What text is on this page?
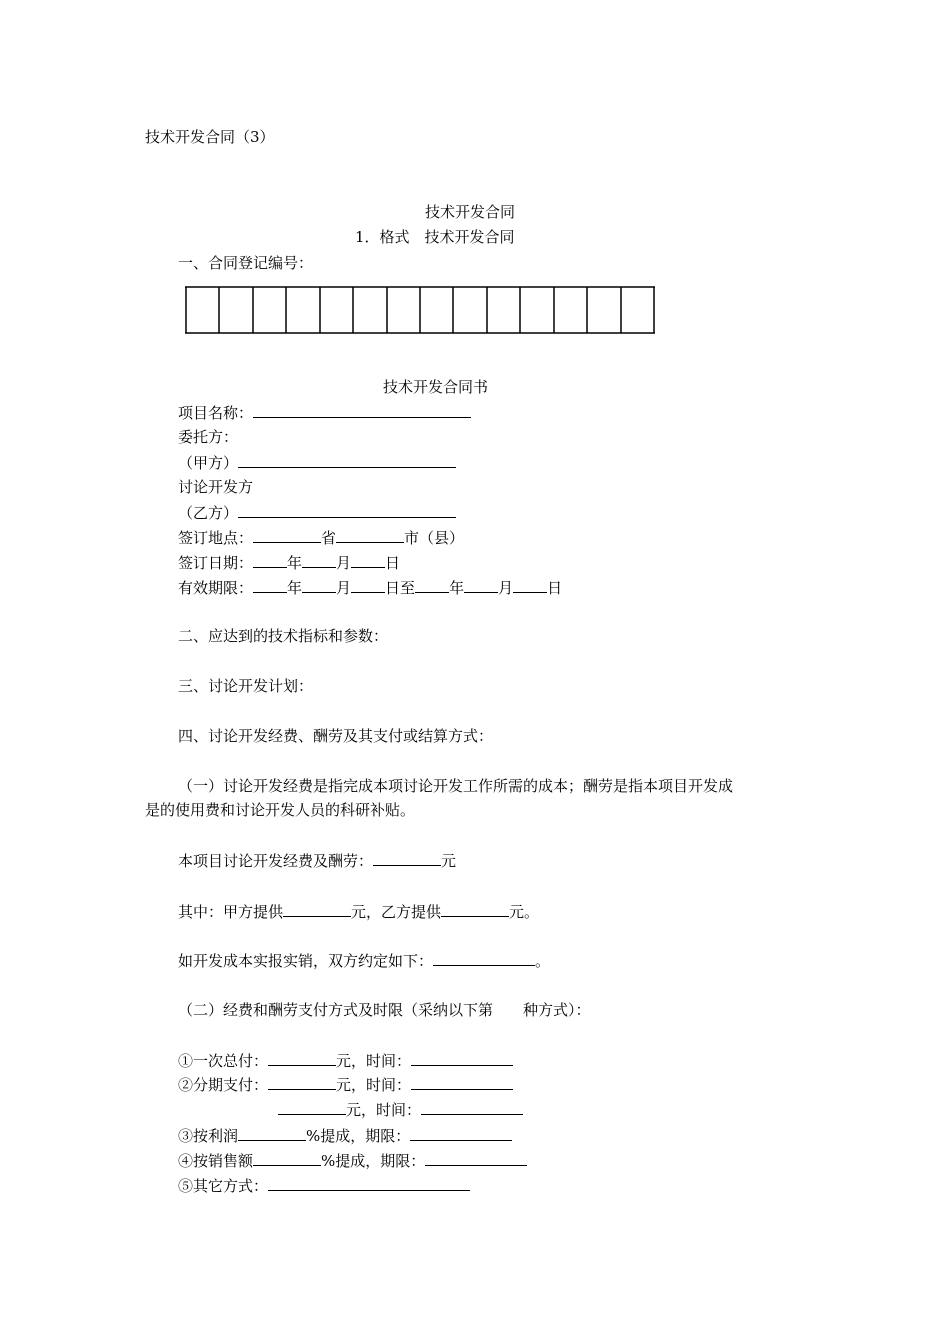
技术开发合同（3）
技术开发合同
1．格式　技术开发合同
一、合同登记编号：
技术开发合同书
项目名称：
委托方：
（甲方）
讨论开发方
（乙方）
签订地点：	省	市（县）
签订日期： 年 月 日
有效期限： 年 月 日至 年 月 日
二、应达到的技术指标和参数：
三、讨论开发计划：
四、讨论开发经费、酬劳及其支付或结算方式：
（一）讨论开发经费是指完成本项讨论开发工作所需的成本；酬劳是指本项目开发成
是的使用费和讨论开发人员的科研补贴。
本项目讨论开发经费及酬劳：	元
其中：甲方提供	元，乙方提供	元。
如开发成本实报实销，双方约定如下：	。
（二）经费和酬劳支付方式及时限（采纳以下第　　种方式）：
①一次总付：	元，时间：
②分期支付：	元，时间：
元，时间：
③按利润	%提成，期限：
④按销售额	%提成，期限：
⑤其它方式：
